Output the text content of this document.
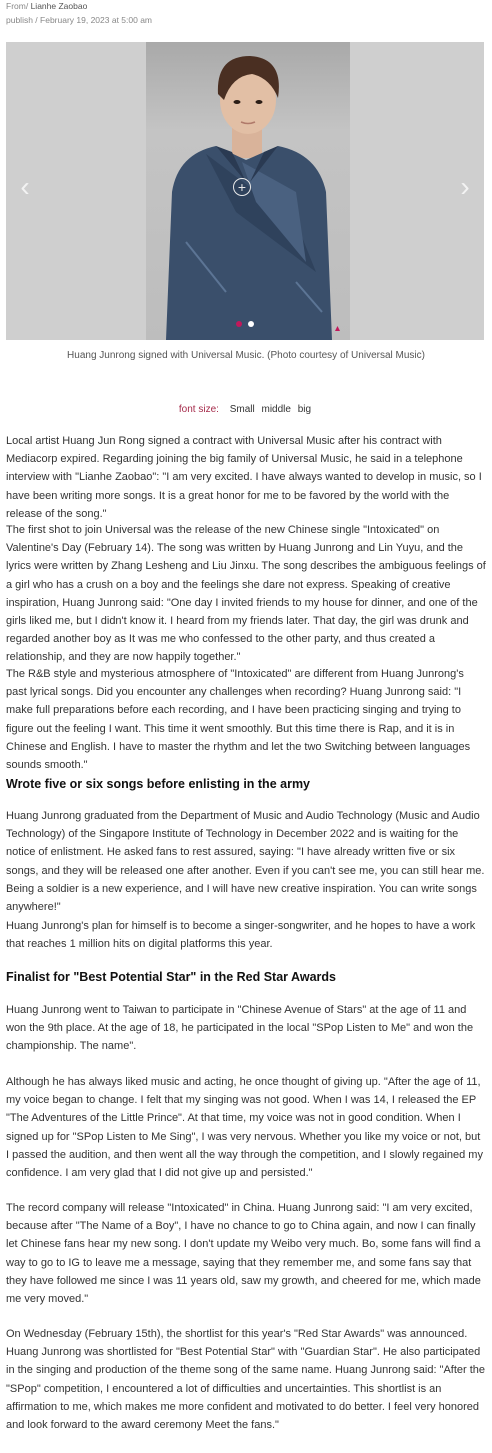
From/ Lianhe Zaobao
publish / February 19, 2023 at 5:00 am
‹	›
+
Huang Junrong signed with Universal Music. (Photo courtesy of Universal Music)
font size: Small middle big

Local artist Huang Jun Rong signed a contract with Universal Music after his contract with Mediacorp expired. Regarding joining the big family of Universal Music, he said in a telephone interview with "Lianhe Zaobao": "I am very excited. I have always wanted to develop in music, so I have been writing more songs. It is a great honor for me to be favored by the world with the release of the song."

The first shot to join Universal was the release of the new Chinese single "Intoxicated" on Valentine's Day (February 14). The song was written by Huang Junrong and Lin Yuyu, and the lyrics were written by Zhang Lesheng and Liu Jinxu. The song describes the ambiguous feelings of a girl who has a crush on a boy and the feelings she dare not express. Speaking of creative inspiration, Huang Junrong said: "One day I invited friends to my house for dinner, and one of the girls liked me, but I didn't know it. I heard from my friends later. That day, the girl was drunk and regarded another boy as It was me who confessed to the other party, and thus created a relationship, and they are now happily together."

The R&B style and mysterious atmosphere of "Intoxicated" are different from Huang Junrong's past lyrical songs. Did you encounter any challenges when recording? Huang Junrong said: "I make full preparations before each recording, and I have been practicing singing and trying to figure out the feeling I want. This time it went smoothly. But this time there is Rap, and it is in Chinese and English. I have to master the rhythm and let the two Switching between languages sounds smooth."

Wrote five or six songs before enlisting in the army

Huang Junrong graduated from the Department of Music and Audio Technology (Music and Audio Technology) of the Singapore Institute of Technology in December 2022 and is waiting for the notice of enlistment. He asked fans to rest assured, saying: "I have already written five or six songs, and they will be released one after another. Even if you can't see me, you can still hear me. Being a soldier is a new experience, and I will have new creative inspiration. You can write songs anywhere!"

Huang Junrong's plan for himself is to become a singer-songwriter, and he hopes to have a work that reaches 1 million hits on digital platforms this year.

Finalist for "Best Potential Star" in the Red Star Awards

Huang Junrong went to Taiwan to participate in "Chinese Avenue of Stars" at the age of 11 and won the 9th place. At the age of 18, he participated in the local "SPop Listen to Me" and won the championship. The name".

Although he has always liked music and acting, he once thought of giving up. "After the age of 11, my voice began to change. I felt that my singing was not good. When I was 14, I released the EP "The Adventures of the Little Prince". At that time, my voice was not in good condition. When I signed up for "SPop Listen to Me Sing", I was very nervous. Whether you like my voice or not, but I passed the audition, and then went all the way through the competition, and I slowly regained my confidence. I am very glad that I did not give up and persisted."

The record company will release "Intoxicated" in China. Huang Junrong said: "I am very excited, because after "The Name of a Boy", I have no chance to go to China again, and now I can finally let Chinese fans hear my new song. I don't update my Weibo very much. Bo, some fans will find a way to go to IG to leave me a message, saying that they remember me, and some fans say that they have followed me since I was 11 years old, saw my growth, and cheered for me, which made me very moved."

On Wednesday (February 15th), the shortlist for this year's "Red Star Awards" was announced. Huang Junrong was shortlisted for "Best Potential Star" with "Guardian Star". He also participated in the singing and production of the theme song of the same name. Huang Junrong said: "After the "SPop" competition, I encountered a lot of difficulties and uncertainties. This shortlist is an affirmation to me, which makes me more confident and motivated to do better. I feel very honored and look forward to the award ceremony Meet the fans."
